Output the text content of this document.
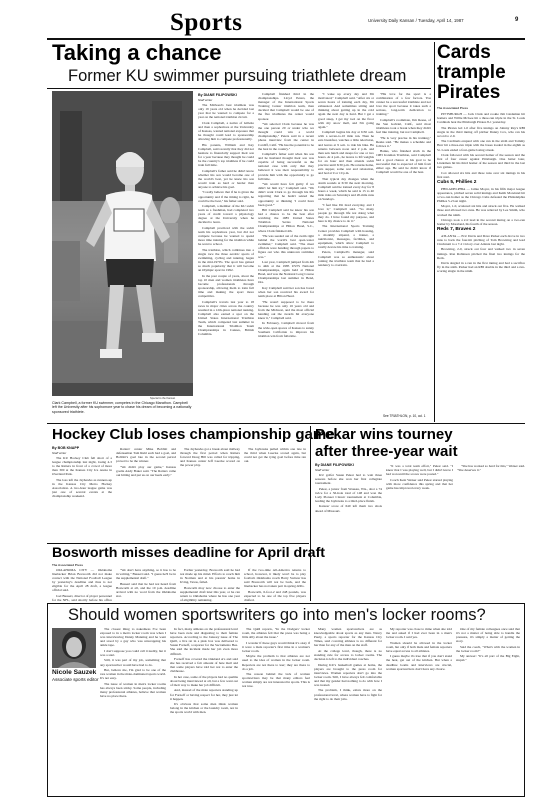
Sports	University Daily Kansan / Tuesday, April 14, 1987	9
Taking a chance
Former KU swimmer pursuing triathlete dream
Special to the Kansan
Clark Campbell, a former KU swimmer, competes in the Chicago Marathon. Campbell left the University after his sophomore year to chase his dream of becoming a nationally sponsored triathlete.
By DIANE FILIPOWSKI
Staff writer

The Midwest's best triathlete was only 19 years old when he decided last year that he wanted to compete for a year on the national triathlon circuit.

Clark Campbell, a native of Gillette and then a sophomore at the University of Kansas, wanted national exposure that he thought could lead to sponsorship allowing him to compete professionally.

His parents, William and Kay Campbell, said recently that they did not hesitate to financially support their son for a year because they thought he could be the country's top triathlete if he could train full time.

Campbell's father said he didn't know whether his son would become one of the world's best, yet he knew his son would train as hard or harder than anyone to achieve his goal.

"I really believe that if he is given the opportunity and if the timing is right, he could be the best," his father said.

Campbell, a member of the KU swim team as a freshman, had completed two years of credit toward a physiology degree at the University when he decided to leave.

Campbell practiced with the swim team his sophomore year, but did not compete because he wanted to spend more time training for the triathlon while he went to school.

The triathlon, which combines into a single race the three aerobic sports of swimming, cycling and running, began in the mid-1970's. The sport has gained so much popularity that it will become an Olympic sport in 1992.

In the past couple of years, about the top 10 men and women triathletes have become professionals through sponsorship, allowing them to train full time and making the sport more competitive.

Campbell's travels last year to 18 races in major cities across the country resulted in a 12th-place national ranking. Campbell also earned a spot on the United States International Triathlon Team, which competed last summer in the International Triathlon Team Championships in Cannes, British Columbia.

Campbell finished third in the championships. Lloyd Peters, the manager of the International Sports Training Center triathlon team, then decided that Campbell would be one of the five triathletes the center would sponsor.

"We selected Clark because he was the one person 20 or under who we thought could win a world championship," Peters said in a recent phone interview from the center in Cardiff, Calif. "He has the potential to be the best in the country."

Campbell's father said when his son and he husband thought their son was capable of being successful as the national case with only that they believed it was their responsibility to provide him with the opportunity to go full time.

"We would have felt guilty if we didn't let him try," Campbell said. "We didn't want Clark to go through his life regretting that he hadn't seized the opportunity or thinking 'I could have been good.'"

Bill Campbell said he knew his son had a chance to be the best after watching the 1985 United States Triathlon Series National Championships at Hilton Head, S.C., where Clark finished 4th.

"He was seeded out of the swim right behind the world's best open-water swimmer," Campbell said. "The meet officials were handing through papers to figure out who this unknown swimmer was."

Last year, Campbell jumped from 4th to 44th at the 1985 USTS National Championships, again held at Hilton Head, and was the National Long Course Championships last summer in Bend, Ore.

Kay Campbell said her son has bored when her son received his award for tenth place at Hilton Head.

"He wasn't supposed to be there because he was only 16 years old and from the Midwest, and the most official handing out the awards hit everyone knew it," Campbell said.

In February, Campbell moved from the wide-open spaces of Kansas to sunny Southern California to improve his triathlon win from full-time.

"I wake up every day and I'm motivated," Campbell said. "After six or seven hours of training each day, I'm exhausted. And sometimes sitting and thinking about getting up in the cold again the next day is hard. But I get a good sleep, I get my tool on the floor with my snow mall, and I'm going again."

Campbell begins his day at 6:30 a.m. with a seven-to-10 mile run. Then he eats breakfast, watches a little television, and leaves at 9 a.m. to ride his bike. He returns between noon and 2 p.m. and then sets lunch and sleeps for one or two hours. At 4 p.m., he leaves to lift weights for an hour and then attends swim practice until 6:30 p.m. He returns home, eats supper, some rest and relaxation, and bed at 9 or 10 p.m.

That typical day changes when the alarm sounds at 6:30 the next morning. Campbell said he trained every day for 8 hours a week, which he said is 15 to 40 mile rides on Saturdays and 20-mile runs on Sundays.

"I feel like I'm tired everyday, and I love it," Campbell said. "So many people go through life not doing what they do. I have found my purpose, and here is my chance to do it."

The International Sports Training Center provides Campbell with housing, a monthly stipend, a trainer, a nutritionist, massages, facilities, and equipment, which allow Campbell to totally devote his time to training.

Peters, Campbell's manager, said Campbell was so enthusiastic about joining the triathlon team that he had a tendency to overtrain.

"His love for the sport is a combination of a few factors. You cannot be a successful triathlete and not love the sport because it takes such a serious, long-term dedication to training."

Campbell's roommate, Jim Reese, of the San Gabriel, Calif., said most triathletes took a break when they didn't feel like training, but not Campbell.

"He is very precise in his training," Reeks said. "He makes a schedule and follows it."

Banks, who finished sixth in the 1983 Ironman Triathlon, said Campbell had a good chance at his goal to be successful that is expected of him from either age. He said he didn't know if Campbell would be one of the best.

See TRIATHLON, p. 10, col. 1
Cards
trample
Pirates
The Associated Press

PITTSBURGH — Jack Clark and rookie Jim Lindeman hit homers and Willie McGee hit a three-run triple in the St. Louis Cardinals beat the Pittsburgh Pirates 8-1 yesterday.

The Pirates led 1-0 after five innings on Johnny Ray's RBI single in the third inning off pitcher Danny Cox, who ran his record to 2-0.

The Cardinals erupted with one run in the sixth and Tommy Herr hit a three-run triple with the bases loaded in the eighth as St. Louis ended a four-game losing streak.

Clark followed with his second homer of the season and the first of four career against Pittsburgh. One batter later, Lindeman hit his third homer of the season and third in the last two games.

Cox allowed six hits and three runs over six innings in his first start.

Cubs 5, Phillies 2

PHILADELPHIA — Jamie Moyer, in his fifth major league appearance, pitched seven solid innings and Keith Moreland hit a two-run homer as the Chicago Cubs defeated the Philadelphia Phillies 5-2 last night.

Moyer, 1-0, scattered six hits and struck out five. He walked three and allowed two runs. He was relieved by Lee Smith, who worked the ninth.

Chicago took a 2-0 lead in the second inning on a two-run homer by Moreland, his fourth of the season.

Reds 7, Braves 2

ATLANTA — Eric Davis and Dave Parker each drove in two runs to back the four-hit pitching of Tom Browning and lead Cincinnati to a 7-2 victory over Atlanta last night.

Browning, 2-0, struck out four and walked two in seven innings. Ron Robinson pitched the final two innings for the Reds.

Davis singled in a run in the first inning and had a sacrifice fly in the sixth. Parker had an RBI double in the third and a run-scoring single in the ninth.

Hockey Club loses championship game
By BOB KNAPP
Staff writer

The KU Hockey Club fell short of a league championship last night, losing 4-3 to the Ratters in front of a crowd of more than 300 at the Kansas City Ice Arena in Overland Park.

The loss left the Jayhawks as runners-up in the Kansas City Metro Hockey Association. A two-hour league game was just one of several events at the championship weekend.

Ratters' center Mike Bobbitt and defenseman Tom Ruhl each had a goal, and Bobbitt's goal late in the second period proved to be the winner.

"We didn't play our game," Kansas goalie Andy Baker said. "The Ratters came out hitting and put us on our heels early."

The Jayhawks got a break about midway through the first period when Ratters forward Doug Hill was called for tripping, and Kansas center Jeff Luecke scored on the power play.

The Jayhawks pulled within one late in the third when Luecke scored again, but could not get the tying goal before time ran out.

Pekar wins tourney
after three-year wait
By DIANE FILIPOWSKI
Staff writer

KU golfer Susan Pekar had to wait three seasons before she won her first collegiate tournament.

Pekar, a junior from Wausau, Wis., shot a 74 twice for a 36-hole total of 148 and won the Lady Pioneer Classic tournament at Columbia, leading the Jayhawks to a third-place finish.

Kansas' score of 640 left them two shots ahead of Missouri.

"It was a total team effort," Pekar said. "I knew that I was playing well, but I didn't know I had won until the scores were posted."

Coach Kent Weiser said Pekar started playing with more confidence this spring and that her game has improved every week.

"She has worked so hard for this," Weiser said. "She deserves it."

Bosworth misses deadline for April draft
The Associated Press

OKLAHOMA CITY — Oklahoma linebacker Brian Bosworth did not make contact with the National Football League by yesterday's deadline and thus is not eligible for the April 28 draft, a league official said.

Joel Bussert, director of player personnel for the NFL, said shortly before his office

"We don't have anything, so it has to be in writing," Bussert said. "I guess he'll be in the supplemental draft."

Bussert said that he had not heard from Bosworth at all, and the 10 p.m. deadline arrived with no word from the Oklahoma star.

Earlier yesterday, Bosworth said he had not made up his mind. Efforts to reach him in Norman and at his parents' home in Irving, Texas, failed.

Bosworth may now choose to enter the supplemental draft later this year, or he can return to Oklahoma where he has one year of eligibility remaining.

If the two-time All-America returns to school, however, it likely won't be to play football. Oklahoma coach Barry Switzer has said Bosworth will not be back, and the linebacker has not taken part in spring drills.

Bosworth, 6-foot-2 and 248 pounds, was expected to be one of the top five players drafted.

Should women sportswriters go into men's locker rooms?
Nicole Sauzek
Associate sports editor

The closest thing to nakedness I've been exposed to in a men's locker room was when I was interviewing Danny Manning and he went and stood by a guy who was unwrapping his ankle tape.

I don't suppose you could call it nudity, but it was a start.

Still, it was part of my job, something that any sportswriter would have had to do.

But, believe me, I'm glad to be one of the rare women in the male-dominated sports world. It's not easy.

The issue of women in men's locker rooms has always been sticky. Some people, including many professional athletes, believe that women have no place there.

In fact, many athletes on the professional level have been rude and disgusting to their female reporters. According to the January issue of The Quill, a live rat in a pink box was delivered to Susan Fornoff, a reporter for the Sacramento Bee. She said the incident made her job even more difficult.

Fornoff has covered the Oakland A's and said she has received a fair amount of hate mail and that some players have told her not to enter the clubhouse.

In her case, some of the players had no qualms about being interviewed at all, but a few went out of their way to make her job difficult.

And, instead of the male reporters standing up for Fornoff or having respect for her, they just let it happen.

It's obvious that some men think women belong in the kitchen or the laundry room, not in the sports world with men.

The Quill reports, "In the Dodgers' locker room, the athletes felt that the press was being a little silly about the issue."

I wonder if these guys would think it's okay if it were a male reporter's first time in a woman's locker room.

Maybe the problem is that athletes are not used to the idea of women in the locker room. Reporters are not there to leer; they are there to do a job.

The reason behind the lack of women sportswriters may be that many editors feel women simply are not interested in sports. This is not true.

Many women sportswriters are as knowledgeable about sports as any man. Nancy Pauly, a sports reporter for the Kansas City Times, said covering athletes is no different for her than for any of the men on the staff.

At the college level, though, there is no standing rule for access to locker rooms. The decision is left to the individual coaches.

During KU's basketball games at home, the players are brought to the press room for interviews. Women reporters don't go into the locker room. Still, I have always felt comfortable and that my gender had nothing to do with how I was treated.

The problem, I think, exists more on the professional level, where women have to fight for the right to do their jobs.

My reporter was close to mine when she told me and asked if I had ever been in a men's locker room. I said yes.

Women should be allowed in the locker room, but only if both male and female reporters have equal access to all athletes.

I guess maybe it's true that if you don't stand the heat, get out of the kitchen. But when a deadline looms and interviews are crucial, women sportswriters don't have any choice.

One of my female colleagues once said that it's not a matter of being able to handle the pressure, it's simply a matter of getting the story.

Said the coach, "What's with the women in the locker room?"

My answer: "It's all part of the Big Eight, stupid."
